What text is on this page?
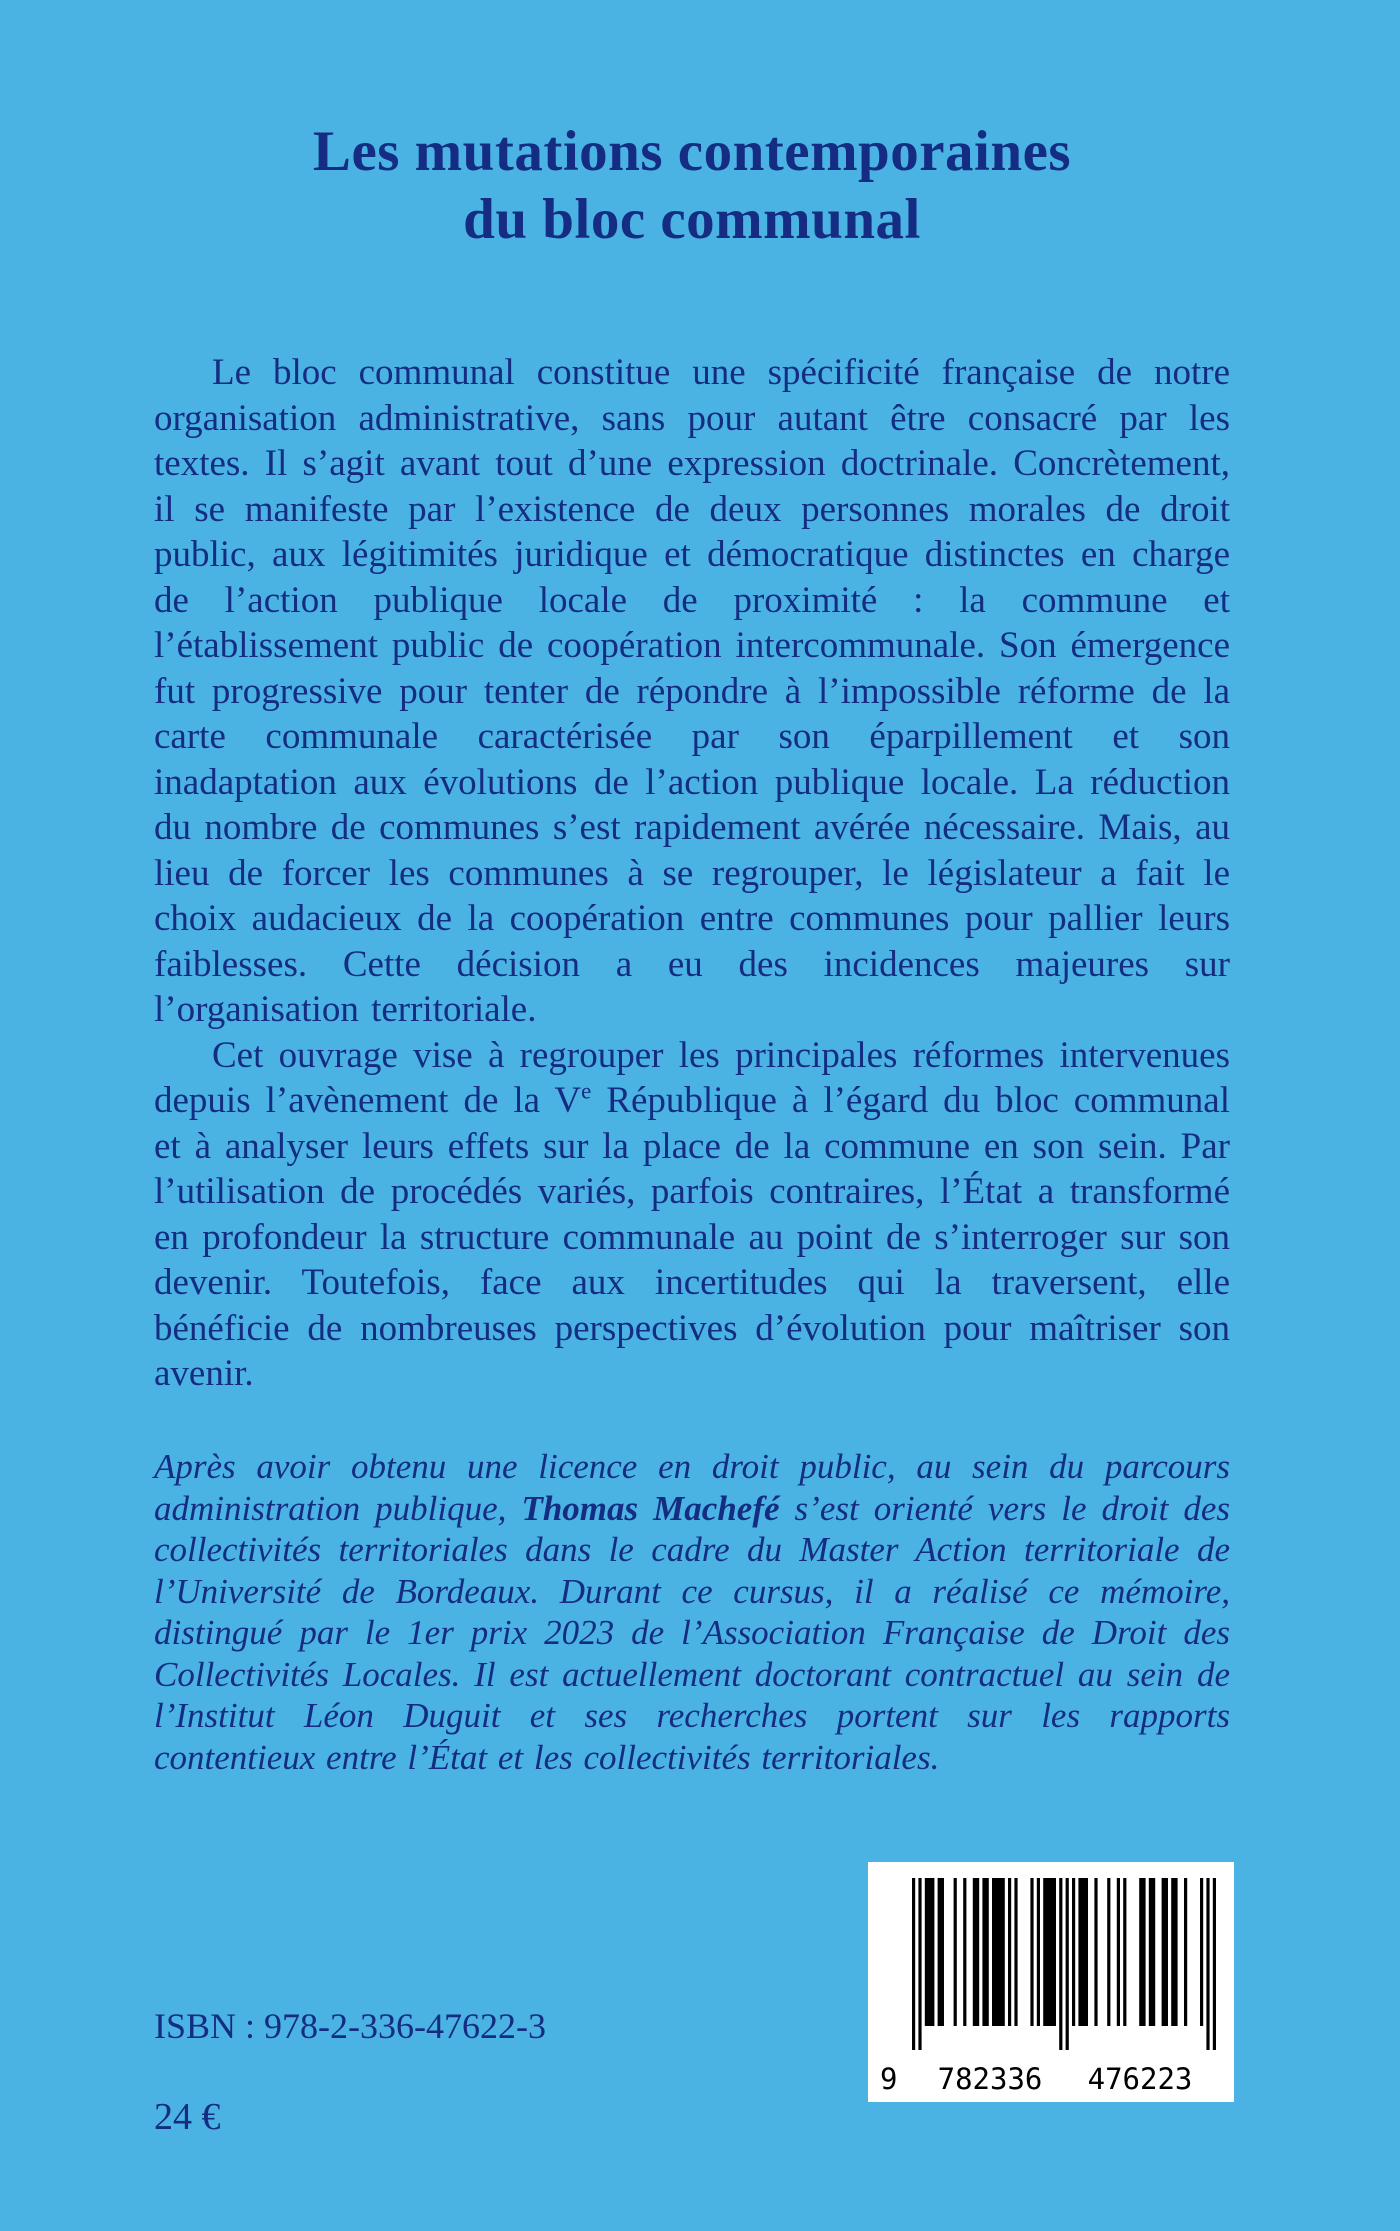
Les mutations contemporaines
du bloc communal

Le bloc communal constitue une spécificité française de notre organisation administrative, sans pour autant être consacré par les textes. Il s’agit avant tout d’une expression doctrinale. Concrètement, il se manifeste par l’existence de deux personnes morales de droit public, aux légitimités juridique et démocratique distinctes en charge de l’action publique locale de proximité : la commune et l’établissement public de coopération intercommunale. Son émergence fut progressive pour tenter de répondre à l’impossible réforme de la carte communale caractérisée par son éparpillement et son inadaptation aux évolutions de l’action publique locale. La réduction du nombre de communes s’est rapidement avérée nécessaire. Mais, au lieu de forcer les communes à se regrouper, le législateur a fait le choix audacieux de la coopération entre communes pour pallier leurs faiblesses. Cette décision a eu des incidences majeures sur l’organisation territoriale.

Cet ouvrage vise à regrouper les principales réformes intervenues depuis l’avènement de la Ve République à l’égard du bloc communal et à analyser leurs effets sur la place de la commune en son sein. Par l’utilisation de procédés variés, parfois contraires, l’État a transformé en profondeur la structure communale au point de s’interroger sur son devenir. Toutefois, face aux incertitudes qui la traversent, elle bénéficie de nombreuses perspectives d’évolution pour maîtriser son avenir.

Après avoir obtenu une licence en droit public, au sein du parcours administration publique, Thomas Machefé s’est orienté vers le droit des collectivités territoriales dans le cadre du Master Action territoriale de l’Université de Bordeaux. Durant ce cursus, il a réalisé ce mémoire, distingué par le 1er prix 2023 de l’Association Française de Droit des Collectivités Locales. Il est actuellement doctorant contractuel au sein de l’Institut Léon Duguit et ses recherches portent sur les rapports contentieux entre l’État et les collectivités territoriales.
ISBN : 978-2-336-47622-3
24 €
9 782336 476223
